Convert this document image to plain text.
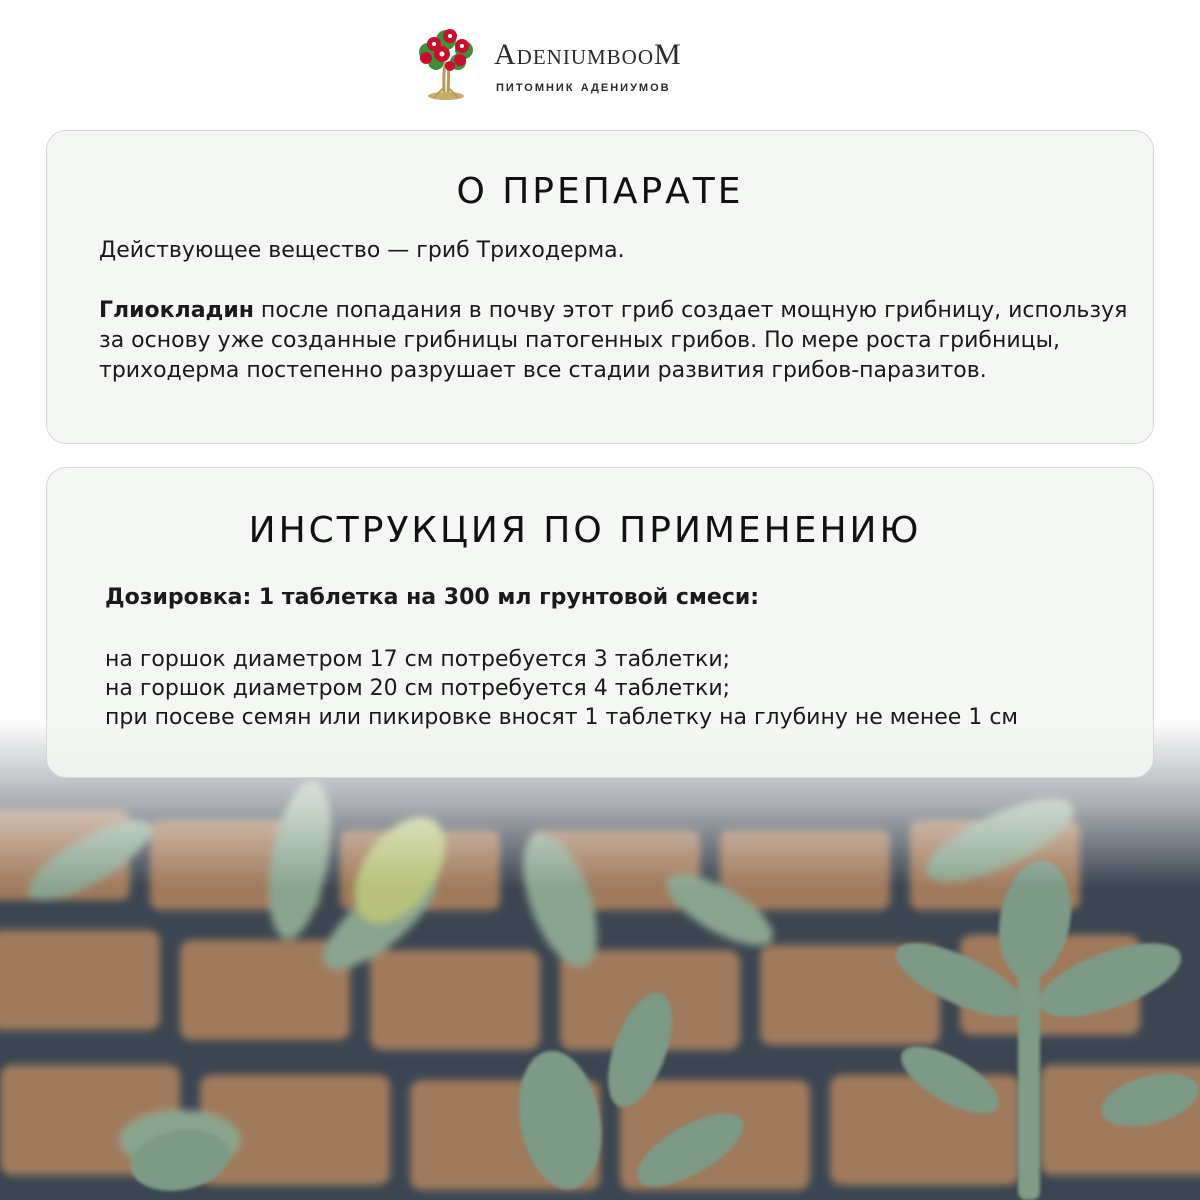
AdeniumbooM
питомник адениумов
О ПРЕПАРАТЕ

Действующее вещество — гриб Триходерма.

Глиокладин после попадания в почву этот гриб создает мощную грибницу, используя за основу уже созданные грибницы патогенных грибов. По мере роста грибницы, триходерма постепенно разрушает все стадии развития грибов-паразитов.

ИНСТРУКЦИЯ ПО ПРИМЕНЕНИЮ

Дозировка: 1 таблетка на 300 мл грунтовой смеси:

на горшок диаметром 17 см потребуется 3 таблетки;
на горшок диаметром 20 см потребуется 4 таблетки;
при посеве семян или пикировке вносят 1 таблетку на глубину не менее 1 см
